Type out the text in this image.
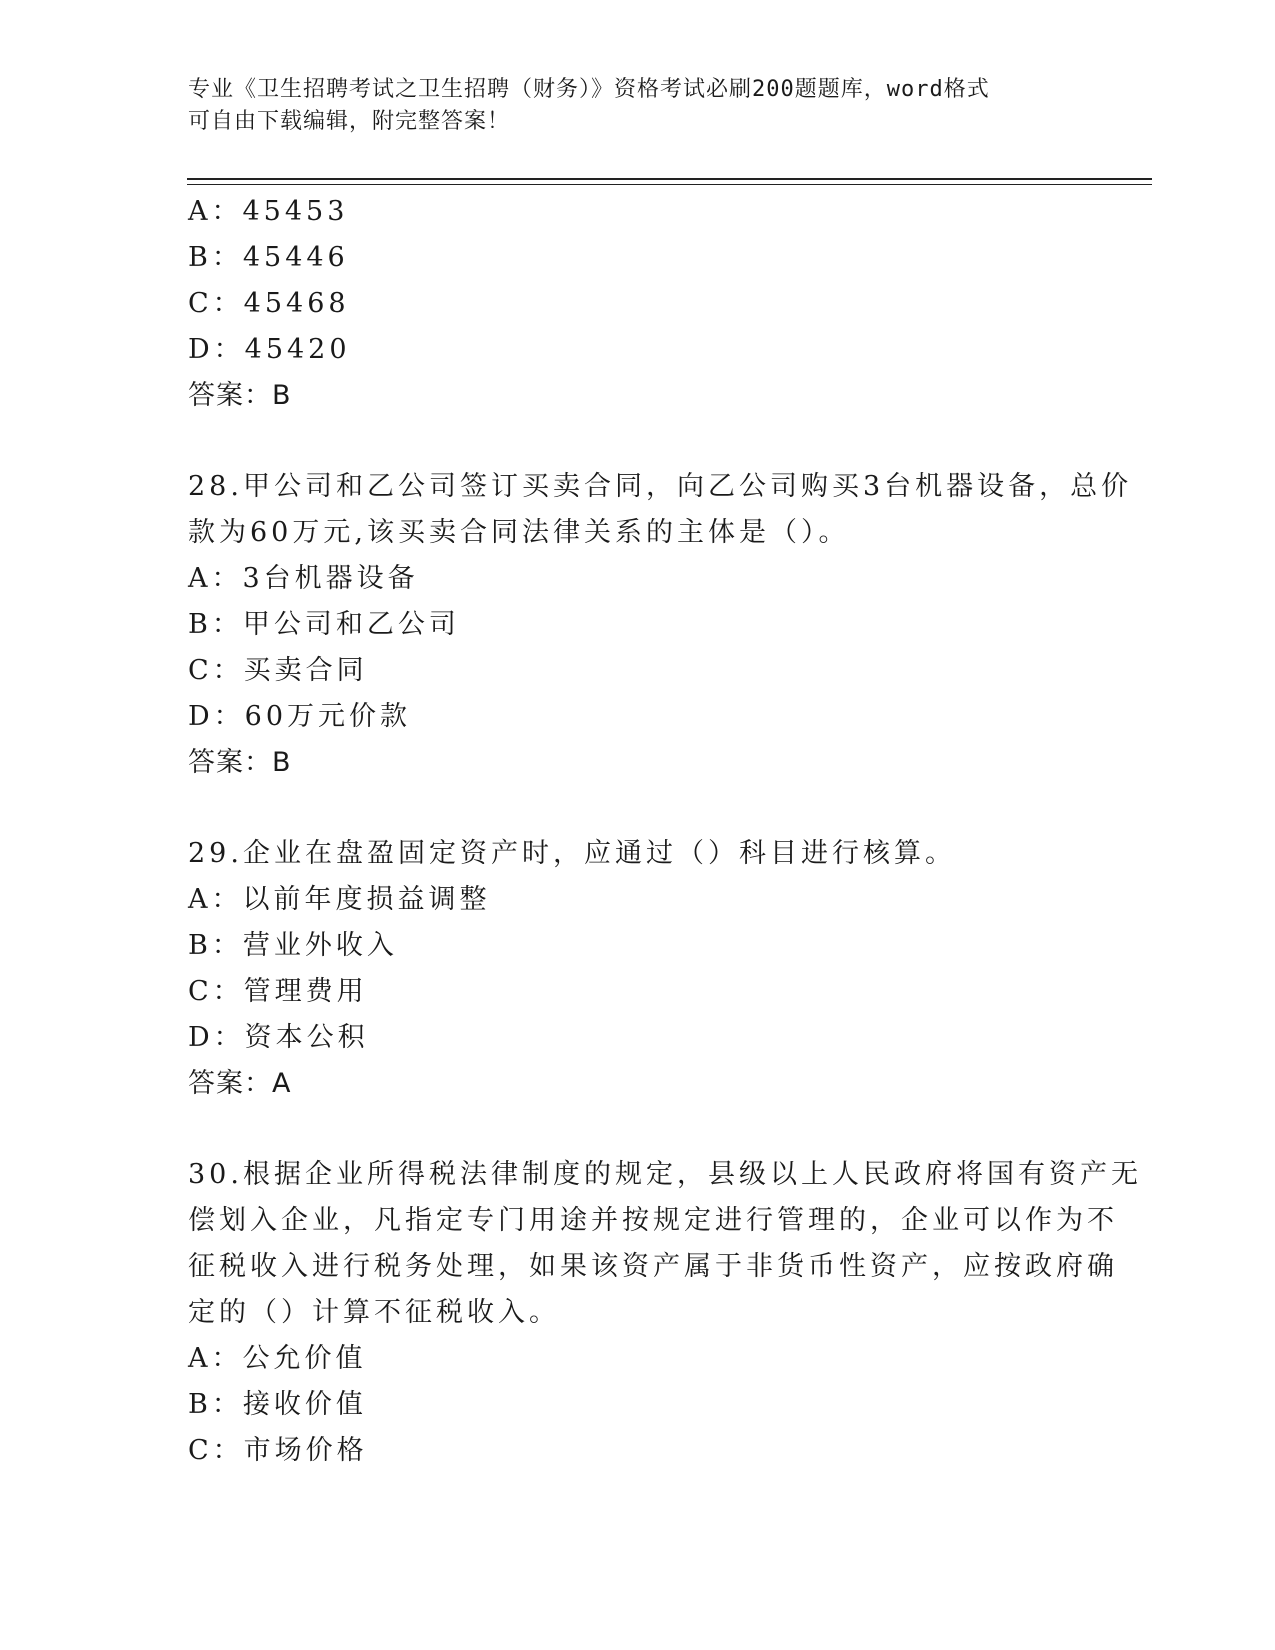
专业《卫生招聘考试之卫生招聘（财务）》资格考试必刷200题题库，word格式
可自由下载编辑，附完整答案！
A：45453
B：45446
C：45468
D：45420
答案：B
28.甲公司和乙公司签订买卖合同，向乙公司购买3台机器设备，总价
款为60万元,该买卖合同法律关系的主体是（）。
A：3台机器设备
B：甲公司和乙公司
C：买卖合同
D：60万元价款
答案：B
29.企业在盘盈固定资产时，应通过（）科目进行核算。
A：以前年度损益调整
B：营业外收入
C：管理费用
D：资本公积
答案：A
30.根据企业所得税法律制度的规定，县级以上人民政府将国有资产无
偿划入企业，凡指定专门用途并按规定进行管理的，企业可以作为不
征税收入进行税务处理，如果该资产属于非货币性资产，应按政府确
定的（）计算不征税收入。
A：公允价值
B：接收价值
C：市场价格
